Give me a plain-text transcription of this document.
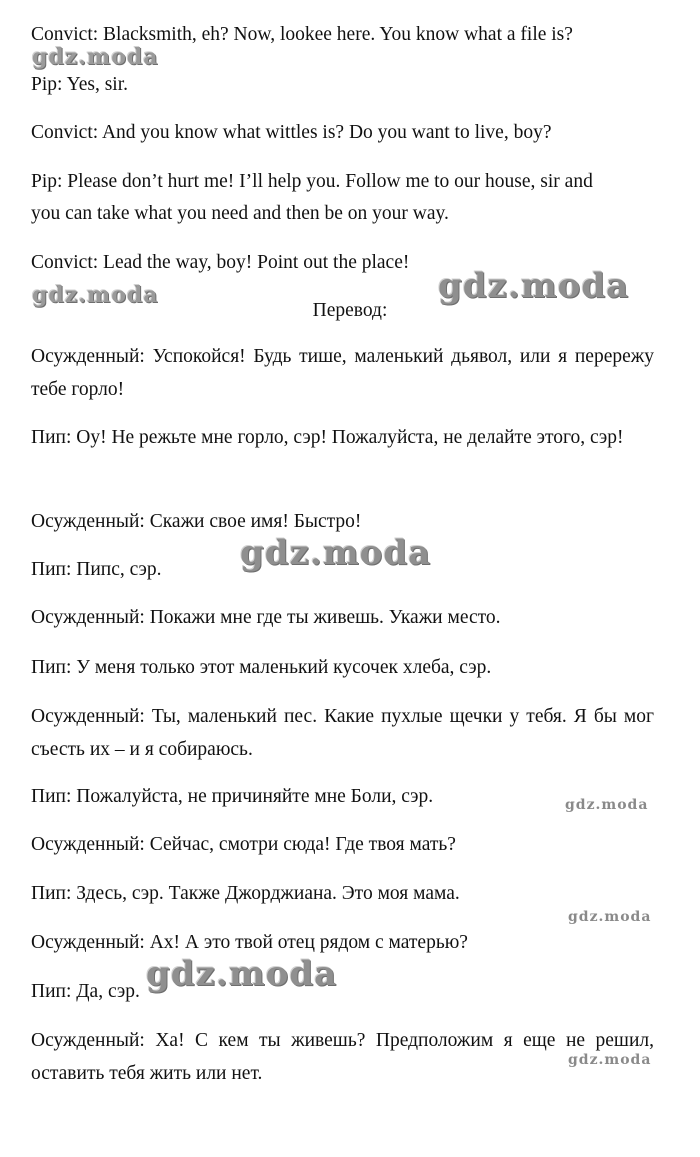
Convict: Blacksmith, eh? Now, lookee here. You know what a file is?
Pip: Yes, sir.
Convict: And you know what wittles is? Do you want to live, boy?
Pip: Please don’t hurt me! I’ll help you. Follow me to our house, sir and
you can take what you need and then be on your way.
Convict: Lead the way, boy! Point out the place!
Перевод:
Осужденный: Успокойся! Будь тише, маленький дьявол, или я перережу тебе горло!
Пип: Оу! Не режьте мне горло, сэр! Пожалуйста, не делайте этого, сэр!
Осужденный: Скажи свое имя! Быстро!
Пип: Пипс, сэр.
Осужденный: Покажи мне где ты живешь. Укажи место.
Пип: У меня только этот маленький кусочек хлеба, сэр.
Осужденный: Ты, маленький пес. Какие пухлые щечки у тебя. Я бы мог съесть их – и я собираюсь.
Пип: Пожалуйста, не причиняйте мне Боли, сэр.
Осужденный: Сейчас, смотри сюда! Где твоя мать?
Пип: Здесь, сэр. Также Джорджиана. Это моя мама.
Осужденный: Ах! А это твой отец рядом с матерью?
Пип: Да, сэр.
Осужденный: Ха! С кем ты живешь? Предположим я еще не решил, оставить тебя жить или нет.
gdz.moda
gdz.moda	gdz.moda
gdz.moda
gdz.moda
gdz.moda
gdz.moda
gdz.moda
